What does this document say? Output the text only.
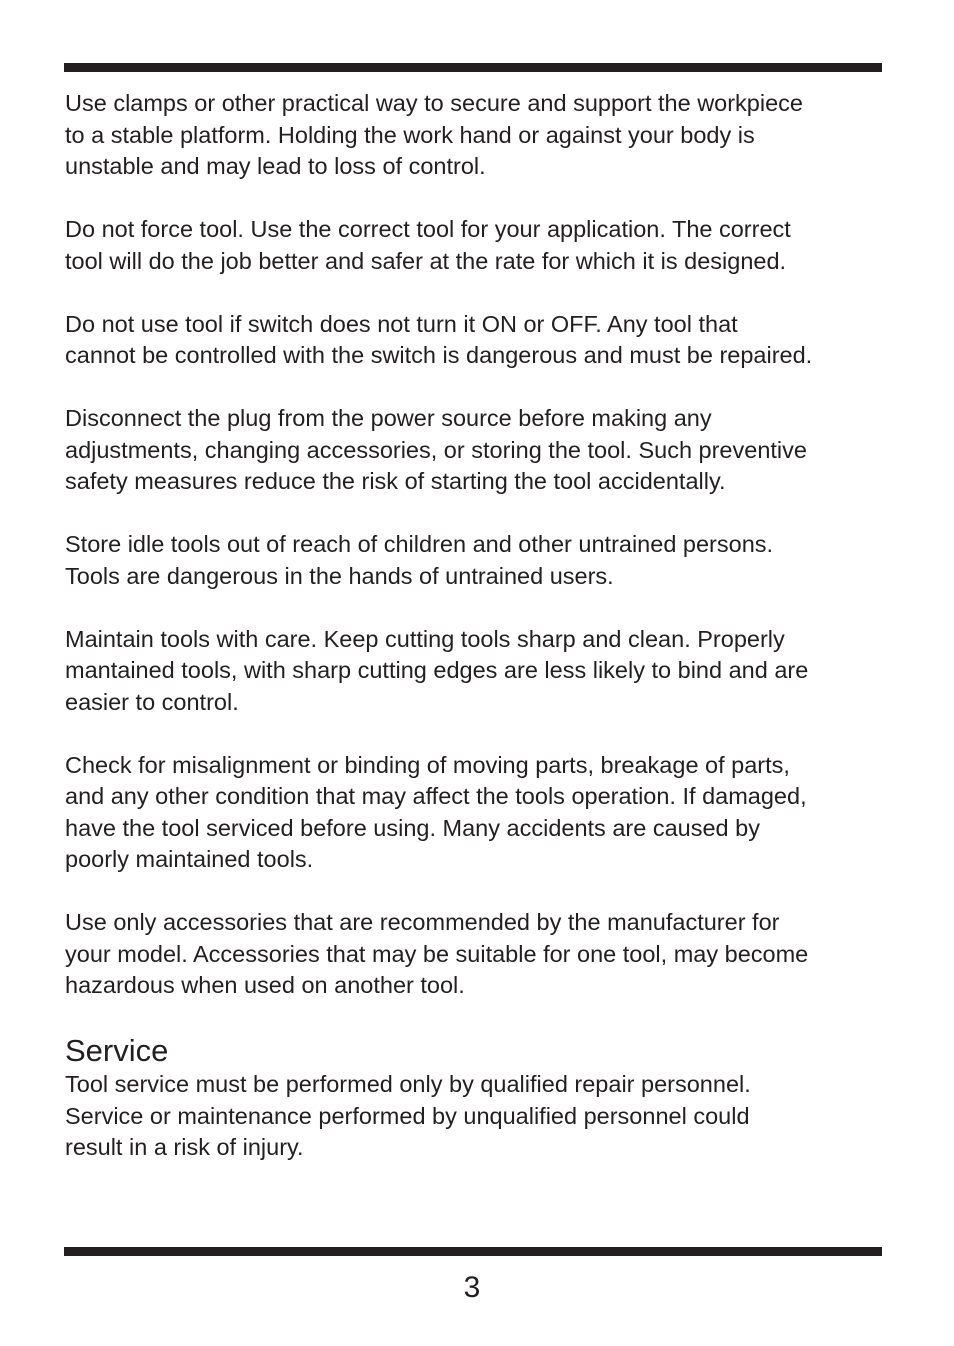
Use clamps or other practical way to secure and support the workpiece
to a stable platform. Holding the work hand or against your body is
unstable and may lead to loss of control.

Do not force tool. Use the correct tool for your application. The correct
tool will do the job better and safer at the rate for which it is designed.

Do not use tool if switch does not turn it ON or OFF. Any tool that
cannot be controlled with the switch is dangerous and must be repaired.

Disconnect the plug from the power source before making any
adjustments, changing accessories, or storing the tool. Such preventive
safety measures reduce the risk of starting the tool accidentally.

Store idle tools out of reach of children and other untrained persons.
Tools are dangerous in the hands of untrained users.

Maintain tools with care. Keep cutting tools sharp and clean. Properly
mantained tools, with sharp cutting edges are less likely to bind and are
easier to control.

Check for misalignment or binding of moving parts, breakage of parts,
and any other condition that may affect the tools operation. If damaged,
have the tool serviced before using. Many accidents are caused by
poorly maintained tools.

Use only accessories that are recommended by the manufacturer for
your model. Accessories that may be suitable for one tool, may become
hazardous when used on another tool.

Service

Tool service must be performed only by qualified repair personnel.
Service or maintenance performed by unqualified personnel could
result in a risk of injury.

3
